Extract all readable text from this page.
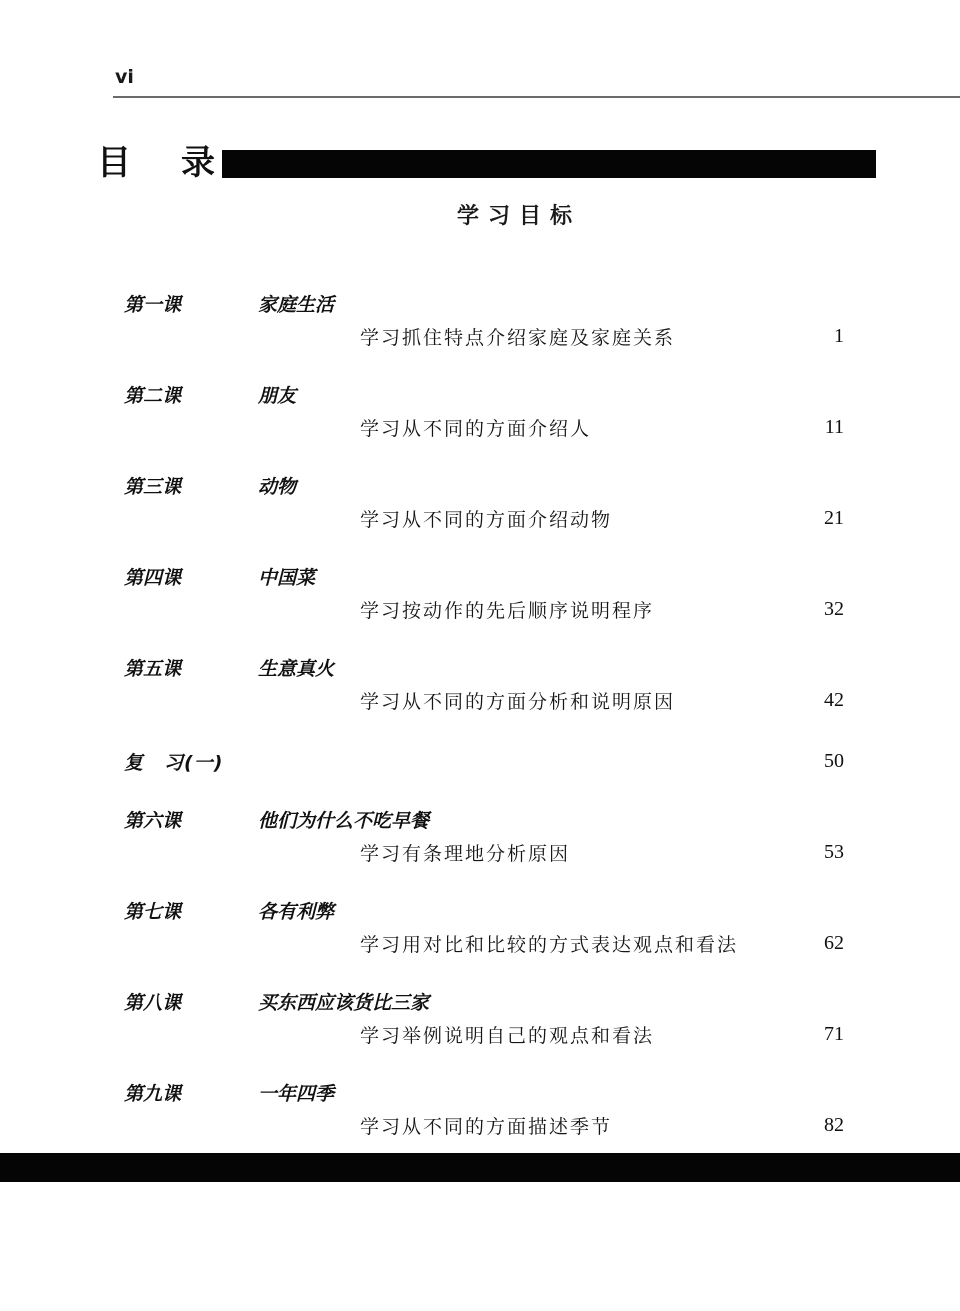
vi
目	录
学习目标
第一课	家庭生活
学习抓住特点介绍家庭及家庭关系	1
第二课	朋友
学习从不同的方面介绍人	11
第三课	动物
学习从不同的方面介绍动物	21
第四课	中国菜
学习按动作的先后顺序说明程序	32
第五课	生意真火
学习从不同的方面分析和说明原因	42
复 习(一)	50
第六课	他们为什么不吃早餐
学习有条理地分析原因	53
第七课	各有利弊
学习用对比和比较的方式表达观点和看法	62
第八课	买东西应该货比三家
学习举例说明自己的观点和看法	71
第九课	一年四季
学习从不同的方面描述季节	82
